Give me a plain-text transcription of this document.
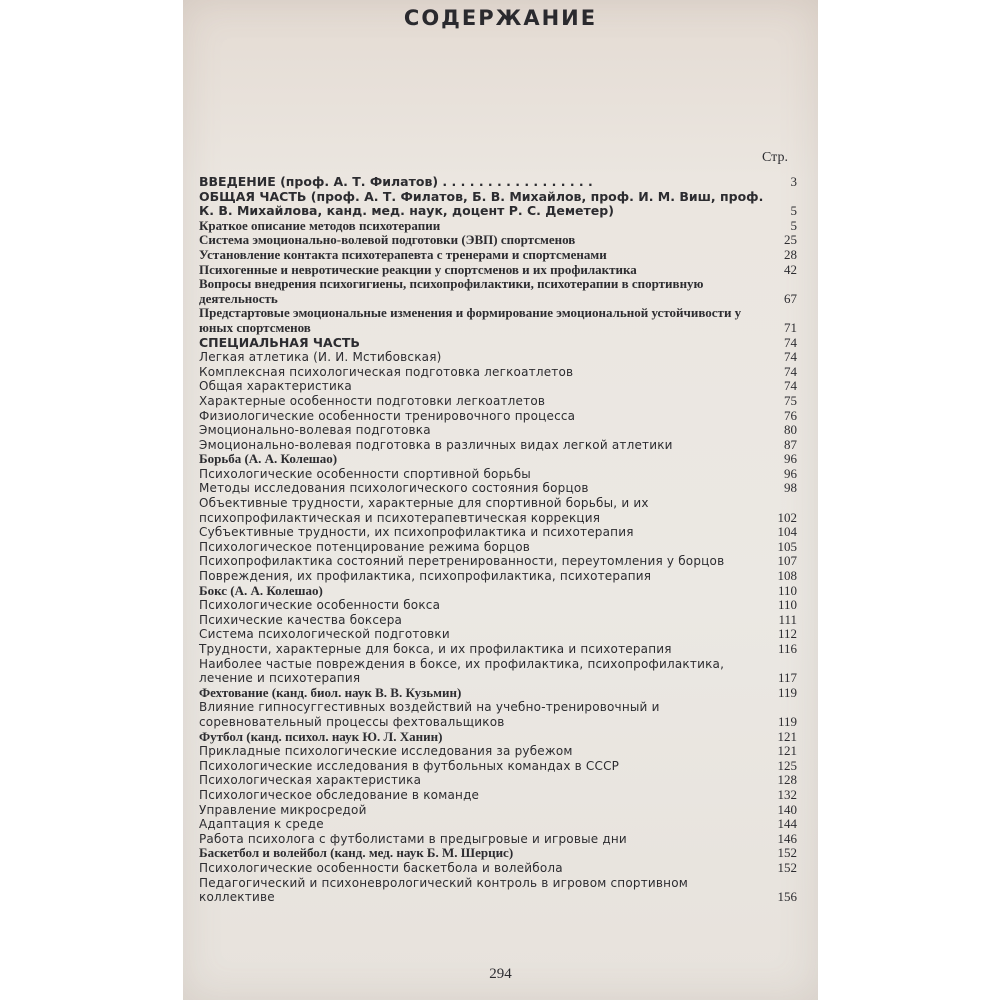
СОДЕРЖАНИЕ
Стр.
ВВЕДЕНИЕ (проф. А. Т. Филатов) . . . . . . . . . . . . . . . . .	3
ОБЩАЯ ЧАСТЬ (проф. А. Т. Филатов, Б. В. Михайлов, проф. И. М. Виш, проф. К. В. Михайлова, канд. мед. наук, доцент Р. С. Деметер)	5
Краткое описание методов психотерапии	5
Система эмоционально-волевой подготовки (ЭВП) спортсменов	25
Установление контакта психотерапевта с тренерами и спортсменами	28
Психогенные и невротические реакции у спортсменов и их профилактика	42
Вопросы внедрения психогигиены, психопрофилактики, психотерапии в спортивную деятельность	67
Предстартовые эмоциональные изменения и формирование эмоциональной устойчивости у юных спортсменов	71
СПЕЦИАЛЬНАЯ ЧАСТЬ	74
Легкая атлетика (И. И. Мстибовская)	74
Комплексная психологическая подготовка легкоатлетов	74
Общая характеристика	74
Характерные особенности подготовки легкоатлетов	75
Физиологические особенности тренировочного процесса	76
Эмоционально-волевая подготовка	80
Эмоционально-волевая подготовка в различных видах легкой атлетики	87
Борьба (А. А. Колешао)	96
Психологические особенности спортивной борьбы	96
Методы исследования психологического состояния борцов	98
Объективные трудности, характерные для спортивной борьбы, и их психопрофилактическая и психотерапевтическая коррекция	102
Субъективные трудности, их психопрофилактика и психотерапия	104
Психологическое потенцирование режима борцов	105
Психопрофилактика состояний перетренированности, переутомления у борцов	107
Повреждения, их профилактика, психопрофилактика, психотерапия	108
Бокс (А. А. Колешао)	110
Психологические особенности бокса	110
Психические качества боксера	111
Система психологической подготовки	112
Трудности, характерные для бокса, и их профилактика и психотерапия	116
Наиболее частые повреждения в боксе, их профилактика, психопрофилактика, лечение и психотерапия	117
Фехтование (канд. биол. наук В. В. Кузьмин)	119
Влияние гипносуггестивных воздействий на учебно-тренировочный и соревновательный процессы фехтовальщиков	119
Футбол (канд. психол. наук Ю. Л. Ханин)	121
Прикладные психологические исследования за рубежом	121
Психологические исследования в футбольных командах в СССР	125
Психологическая характеристика	128
Психологическое обследование в команде	132
Управление микросредой	140
Адаптация к среде	144
Работа психолога с футболистами в предыгровые и игровые дни	146
Баскетбол и волейбол (канд. мед. наук Б. М. Шерцис)	152
Психологические особенности баскетбола и волейбола	152
Педагогический и психоневрологический контроль в игровом спортивном коллективе	156
294
